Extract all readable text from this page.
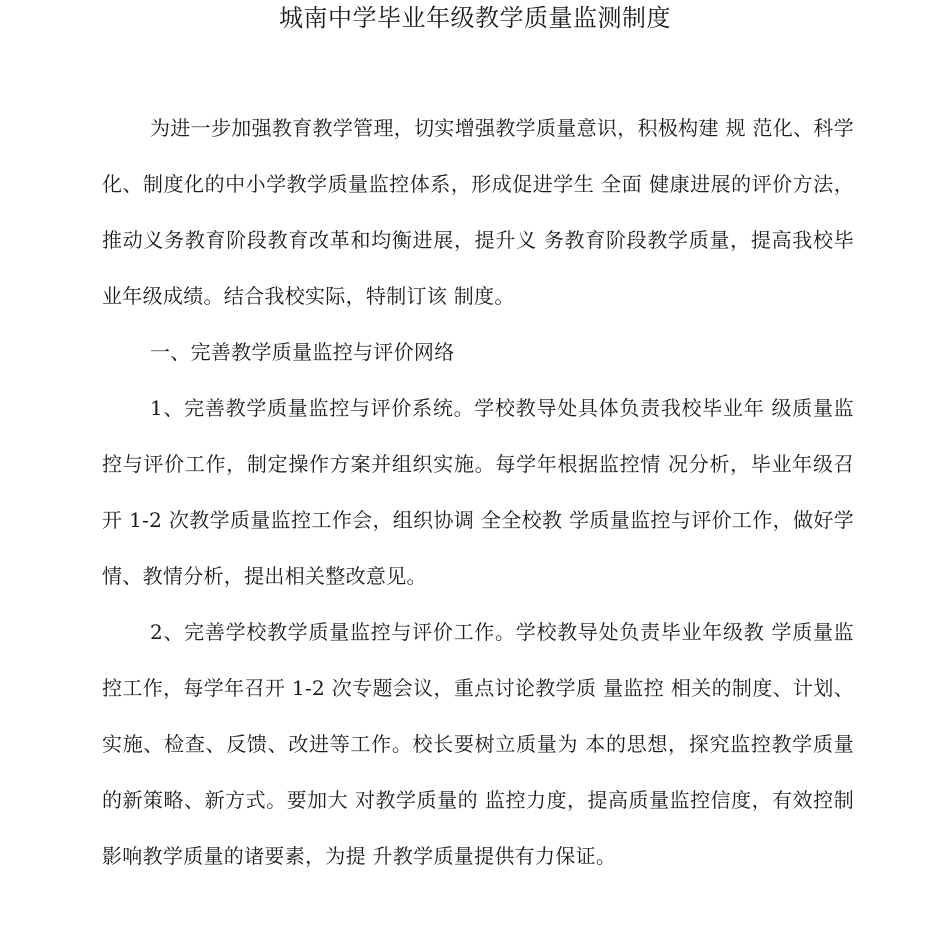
城南中学毕业年级教学质量监测制度

为进一步加强教育教学管理，切实增强教学质量意识，积极构建 规 范化、科学化、制度化的中小学教学质量监控体系，形成促进学生 全面 健康进展的评价方法，推动义务教育阶段教育改革和均衡进展，提升义 务教育阶段教学质量，提高我校毕业年级成绩。结合我校实际，特制订该 制度。

一、完善教学质量监控与评价网络

1、完善教学质量监控与评价系统。学校教导处具体负责我校毕业年 级质量监控与评价工作，制定操作方案并组织实施。每学年根据监控情 况分析，毕业年级召开 1-2 次教学质量监控工作会，组织协调 全全校教 学质量监控与评价工作，做好学情、教情分析，提出相关整改意见。

2、完善学校教学质量监控与评价工作。学校教导处负责毕业年级教 学质量监控工作，每学年召开 1-2 次专题会议，重点讨论教学质 量监控 相关的制度、计划、实施、检查、反馈、改进等工作。校长要树立质量为 本的思想，探究监控教学质量的新策略、新方式。要加大 对教学质量的 监控力度，提高质量监控信度，有效控制影响教学质量的诸要素，为提 升教学质量提供有力保证。
